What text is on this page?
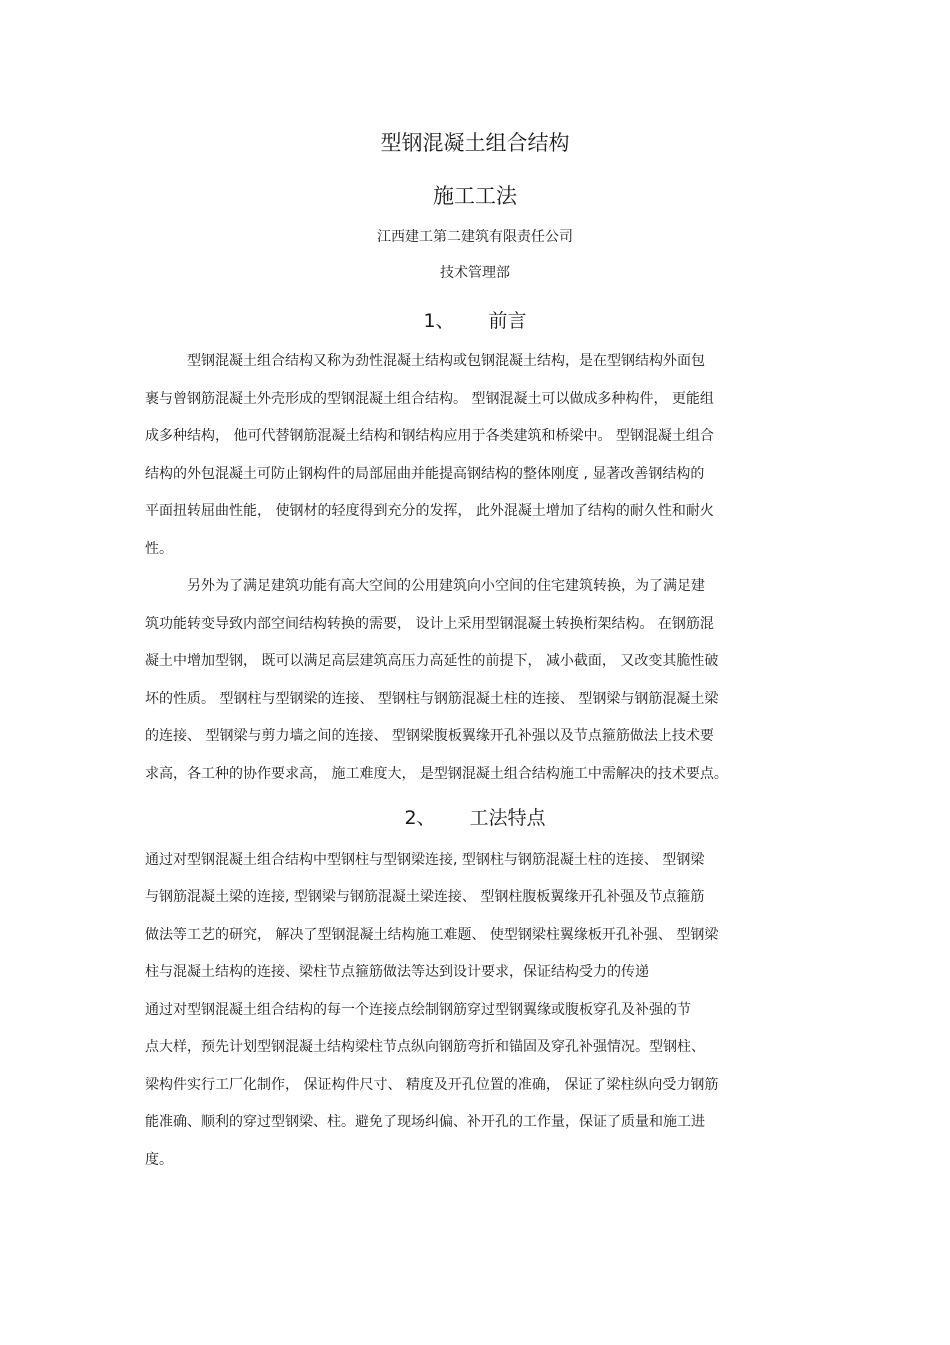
型钢混凝土组合结构
施工工法

江西建工第二建筑有限责任公司

技术管理部

1、 前言

型钢混凝土组合结构又称为劲性混凝土结构或包钢混凝土结构，是在型钢结构外面包

裹与曾钢筋混凝土外壳形成的型钢混凝土组合结构。 型钢混凝土可以做成多种构件， 更能组

成多种结构， 他可代替钢筋混凝土结构和钢结构应用于各类建筑和桥梁中。 型钢混凝土组合

结构的外包混凝土可防止钢构件的局部屈曲并能提高钢结构的整体刚度 , 显著改善钢结构的

平面扭转屈曲性能， 使钢材的轻度得到充分的发挥， 此外混凝土增加了结构的耐久性和耐火

性。

另外为了满足建筑功能有高大空间的公用建筑向小空间的住宅建筑转换，为了满足建

筑功能转变导致内部空间结构转换的需要， 设计上采用型钢混凝土转换桁架结构。 在钢筋混

凝土中增加型钢， 既可以满足高层建筑高压力高延性的前提下， 减小截面， 又改变其脆性破

坏的性质。 型钢柱与型钢梁的连接、 型钢柱与钢筋混凝土柱的连接、 型钢梁与钢筋混凝土梁

的连接、 型钢梁与剪力墙之间的连接、 型钢梁腹板翼缘开孔补强以及节点箍筋做法上技术要

求高，各工种的协作要求高， 施工难度大， 是型钢混凝土组合结构施工中需解决的技术要点。

2、 工法特点

通过对型钢混凝土组合结构中型钢柱与型钢梁连接, 型钢柱与钢筋混凝土柱的连接、 型钢梁

与钢筋混凝土梁的连接, 型钢梁与钢筋混凝土梁连接、 型钢柱腹板翼缘开孔补强及节点箍筋

做法等工艺的研究， 解决了型钢混凝土结构施工难题、 使型钢梁柱翼缘板开孔补强、 型钢梁

柱与混凝土结构的连接、梁柱节点箍筋做法等达到设计要求，保证结构受力的传递

通过对型钢混凝土组合结构的每一个连接点绘制钢筋穿过型钢翼缘或腹板穿孔及补强的节

点大样，预先计划型钢混凝土结构梁柱节点纵向钢筋弯折和锚固及穿孔补强情况。型钢柱、

梁构件实行工厂化制作， 保证构件尺寸、 精度及开孔位置的准确， 保证了梁柱纵向受力钢筋

能准确、顺利的穿过型钢梁、柱。避免了现场纠偏、补开孔的工作量，保证了质量和施工进

度。
